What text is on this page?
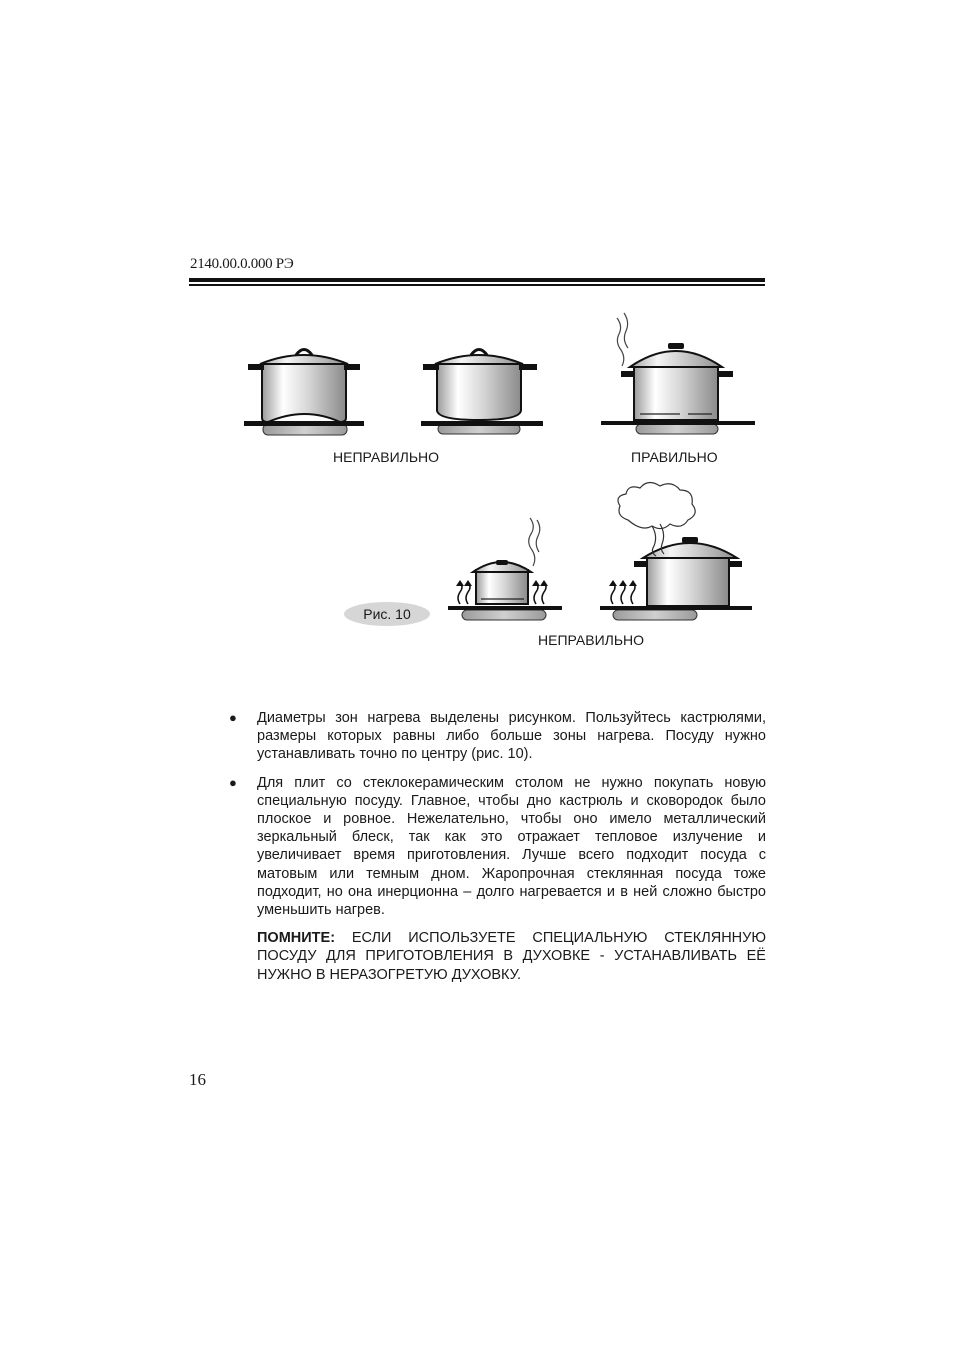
2140.00.0.000 РЭ
НЕПРАВИЛЬНО	ПРАВИЛЬНО
Рис. 10
НЕПРАВИЛЬНО

● Диаметры зон нагрева выделены рисунком. Пользуйтесь кастрюлями, размеры которых равны либо больше зоны нагрева. Посуду нужно устанавливать точно по центру (рис. 10).

● Для плит со стеклокерамическим столом не нужно покупать новую специальную посуду. Главное, чтобы дно кастрюль и сковородок было плоское и ровное. Нежелательно, чтобы оно имело металлический зеркальный блеск, так как это отражает тепловое излучение и увеличивает время приготовления. Лучше всего подходит посуда с матовым или темным дном. Жаропрочная стеклянная посуда тоже подходит, но она инерционна – долго нагревается и в ней сложно быстро уменьшить нагрев.

ПОМНИТЕ: ЕСЛИ ИСПОЛЬЗУЕТЕ СПЕЦИАЛЬНУЮ СТЕКЛЯННУЮ ПОСУДУ ДЛЯ ПРИГОТОВЛЕНИЯ В ДУХОВКЕ - УСТАНАВЛИВАТЬ ЕЁ НУЖНО В НЕРАЗОГРЕТУЮ ДУХОВКУ.

16
